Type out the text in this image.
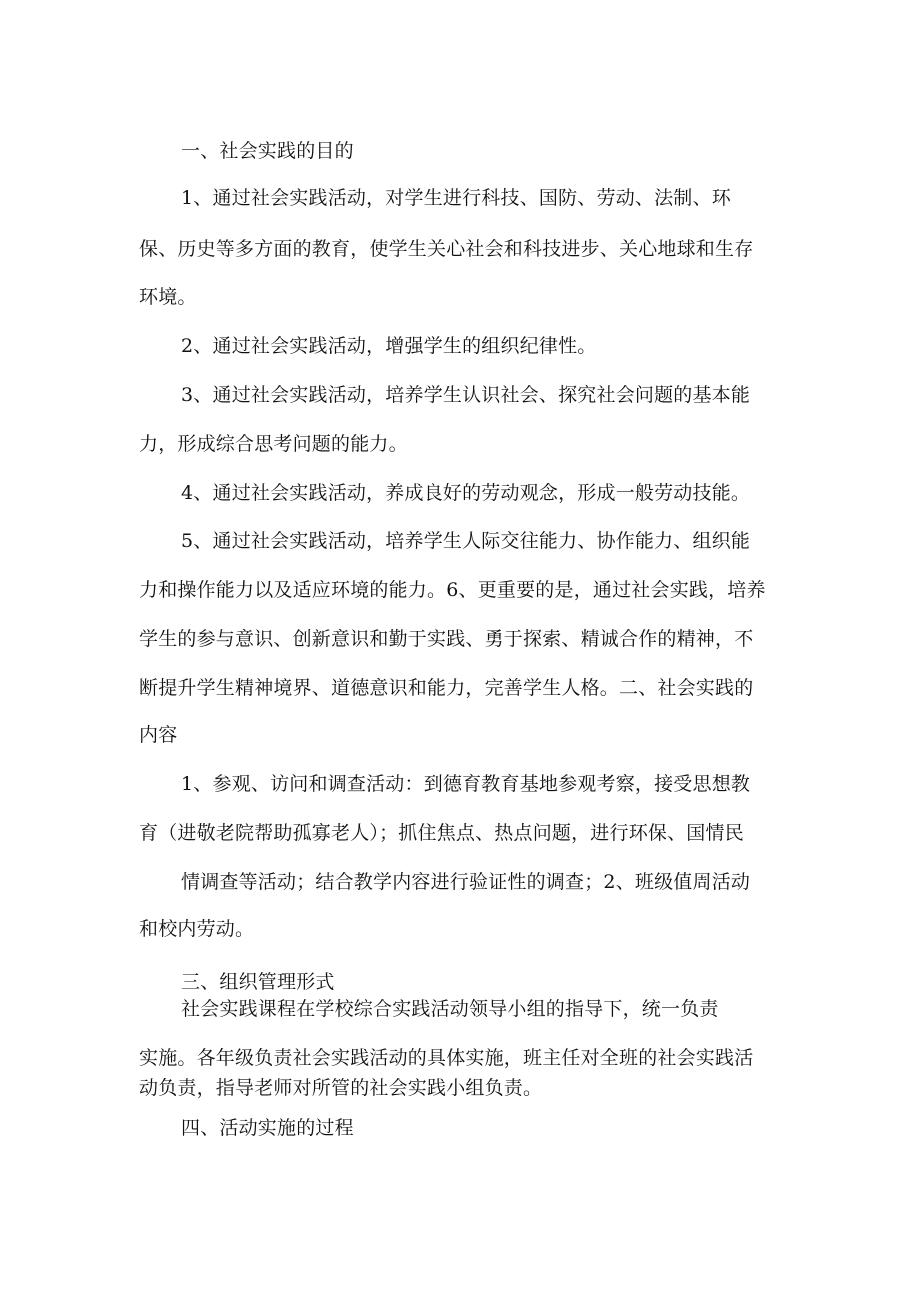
一、社会实践的目的

1、通过社会实践活动，对学生进行科技、国防、劳动、法制、环

保、历史等多方面的教育，使学生关心社会和科技进步、关心地球和生存

环境。

2、通过社会实践活动，增强学生的组织纪律性。

3、通过社会实践活动，培养学生认识社会、探究社会问题的基本能

力，形成综合思考问题的能力。

4、通过社会实践活动，养成良好的劳动观念，形成一般劳动技能。

5、通过社会实践活动，培养学生人际交往能力、协作能力、组织能

力和操作能力以及适应环境的能力。6、更重要的是，通过社会实践，培养

学生的参与意识、创新意识和勤于实践、勇于探索、精诚合作的精神，不

断提升学生精神境界、道德意识和能力，完善学生人格。二、社会实践的

内容

1、参观、访问和调查活动：到德育教育基地参观考察，接受思想教

育（进敬老院帮助孤寡老人）；抓住焦点、热点问题，进行环保、国情民

情调查等活动；结合教学内容进行验证性的调查；2、班级值周活动

和校内劳动。

三、组织管理形式

社会实践课程在学校综合实践活动领导小组的指导下，统一负责

实施。各年级负责社会实践活动的具体实施，班主任对全班的社会实践活

动负责，指导老师对所管的社会实践小组负责。

四、活动实施的过程
